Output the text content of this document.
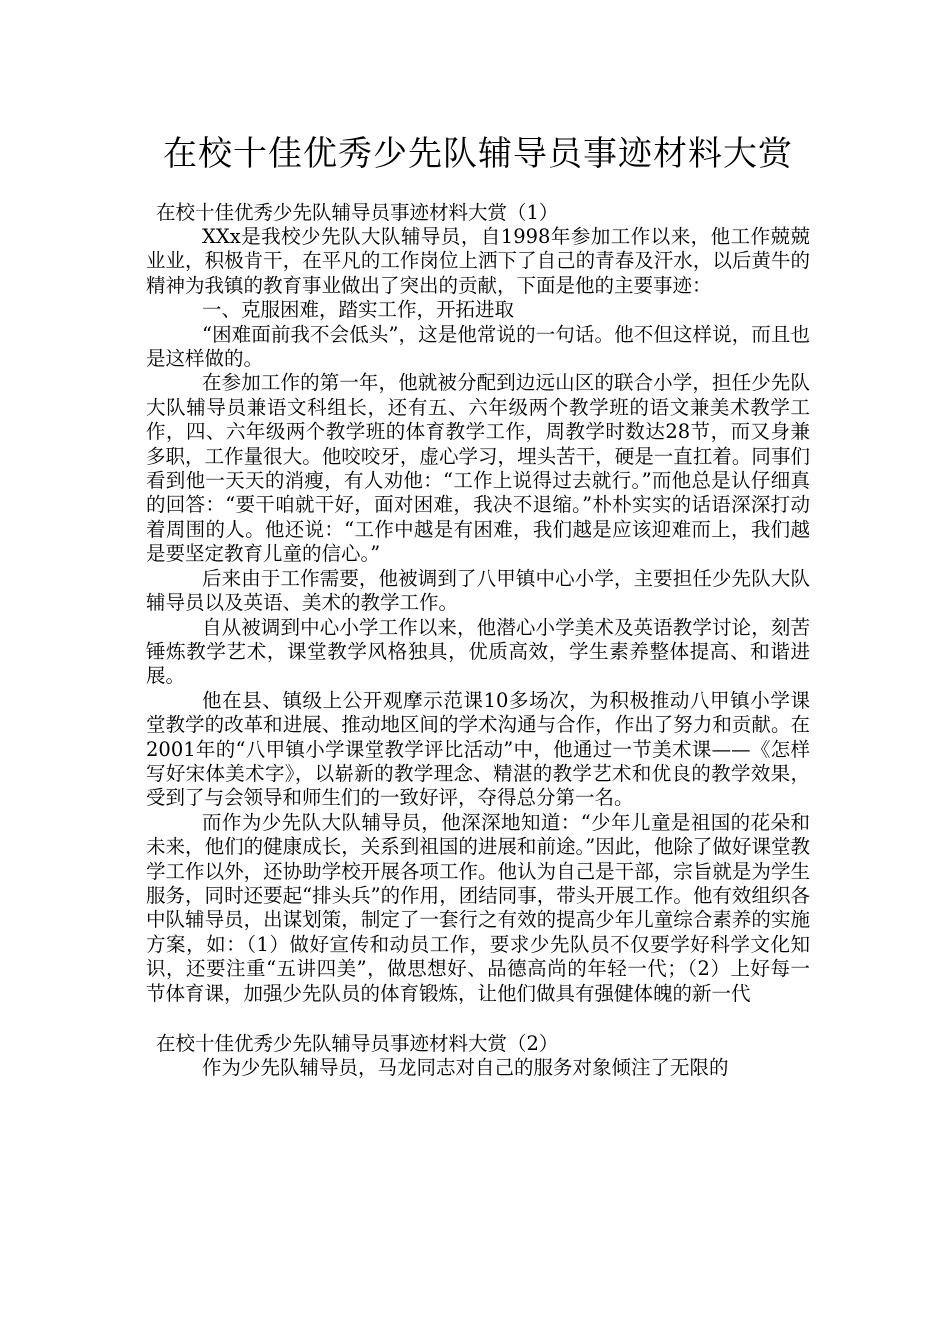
在校十佳优秀少先队辅导员事迹材料大赏
在校十佳优秀少先队辅导员事迹材料大赏（1）

XXx是我校少先队大队辅导员，自1998年参加工作以来，他工作兢兢业业，积极肯干，在平凡的工作岗位上洒下了自己的青春及汗水，以后黄牛的精神为我镇的教育事业做出了突出的贡献，下面是他的主要事迹：

一、克服困难，踏实工作，开拓进取

“困难面前我不会低头”，这是他常说的一句话。他不但这样说，而且也是这样做的。

在参加工作的第一年，他就被分配到边远山区的联合小学，担任少先队大队辅导员兼语文科组长，还有五、六年级两个教学班的语文兼美术教学工作，四、六年级两个教学班的体育教学工作，周教学时数达28节，而又身兼多职，工作量很大。他咬咬牙，虚心学习，埋头苦干，硬是一直扛着。同事们看到他一天天的消瘦，有人劝他：“工作上说得过去就行。”而他总是认仔细真的回答：“要干咱就干好，面对困难，我决不退缩。”朴朴实实的话语深深打动着周围的人。他还说：“工作中越是有困难，我们越是应该迎难而上，我们越是要坚定教育儿童的信心。”

后来由于工作需要，他被调到了八甲镇中心小学，主要担任少先队大队辅导员以及英语、美术的教学工作。

自从被调到中心小学工作以来，他潜心小学美术及英语教学讨论，刻苦锤炼教学艺术，课堂教学风格独具，优质高效，学生素养整体提高、和谐进展。

他在县、镇级上公开观摩示范课10多场次，为积极推动八甲镇小学课堂教学的改革和进展、推动地区间的学术沟通与合作，作出了努力和贡献。在2001年的“八甲镇小学课堂教学评比活动”中，他通过一节美术课——《怎样写好宋体美术字》，以崭新的教学理念、精湛的教学艺术和优良的教学效果，受到了与会领导和师生们的一致好评，夺得总分第一名。

而作为少先队大队辅导员，他深深地知道：“少年儿童是祖国的花朵和未来，他们的健康成长，关系到祖国的进展和前途。”因此，他除了做好课堂教学工作以外，还协助学校开展各项工作。他认为自己是干部，宗旨就是为学生服务，同时还要起“排头兵”的作用，团结同事，带头开展工作。他有效组织各中队辅导员，出谋划策，制定了一套行之有效的提高少年儿童综合素养的实施方案，如：（1）做好宣传和动员工作，要求少先队员不仅要学好科学文化知识，还要注重“五讲四美”，做思想好、品德高尚的年轻一代；（2）上好每一节体育课，加强少先队员的体育锻炼，让他们做具有强健体魄的新一代

在校十佳优秀少先队辅导员事迹材料大赏（2）

作为少先队辅导员，马龙同志对自己的服务对象倾注了无限的
